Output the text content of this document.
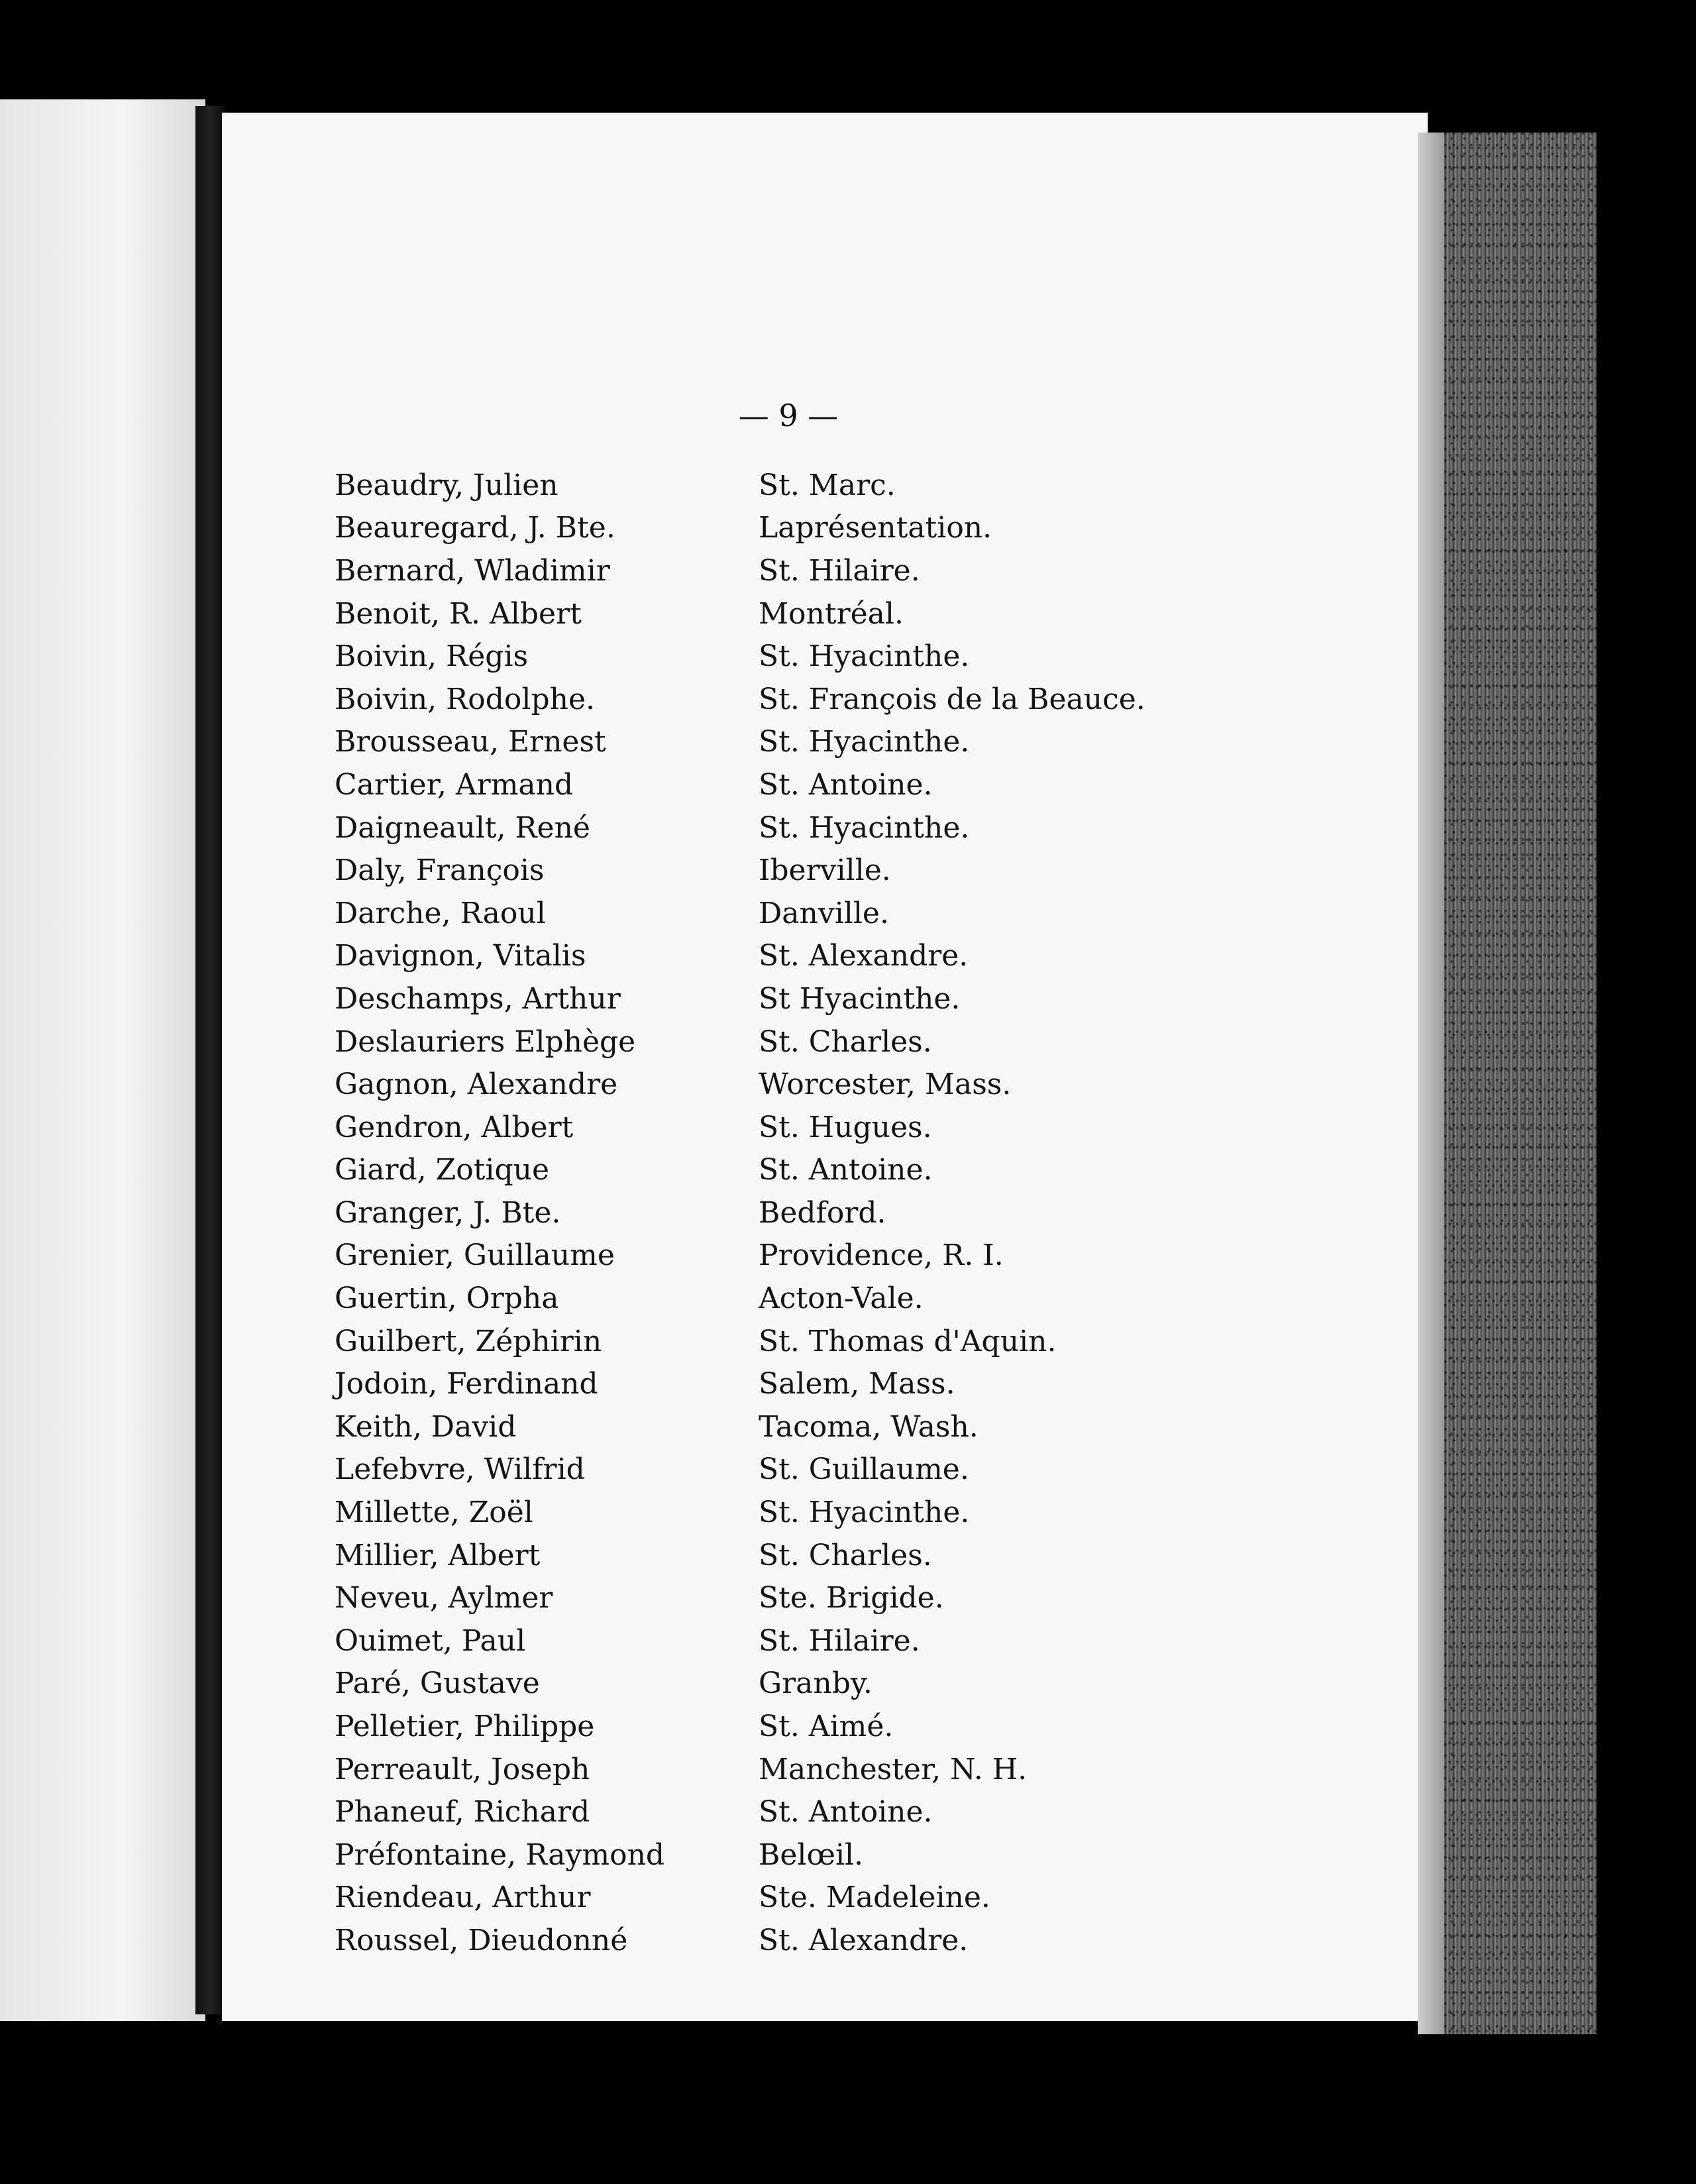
— 9 —
Beaudry, Julien	St. Marc.
Beauregard, J. Bte.	Laprésentation.
Bernard, Wladimir	St. Hilaire.
Benoit, R. Albert	Montréal.
Boivin, Régis	St. Hyacinthe.
Boivin, Rodolphe.	St. François de la Beauce.
Brousseau, Ernest	St. Hyacinthe.
Cartier, Armand	St. Antoine.
Daigneault, René	St. Hyacinthe.
Daly, François	Iberville.
Darche, Raoul	Danville.
Davignon, Vitalis	St. Alexandre.
Deschamps, Arthur	St Hyacinthe.
Deslauriers Elphège	St. Charles.
Gagnon, Alexandre	Worcester, Mass.
Gendron, Albert	St. Hugues.
Giard, Zotique	St. Antoine.
Granger, J. Bte.	Bedford.
Grenier, Guillaume	Providence, R. I.
Guertin, Orpha	Acton-Vale.
Guilbert, Zéphirin	St. Thomas d'Aquin.
Jodoin, Ferdinand	Salem, Mass.
Keith, David	Tacoma, Wash.
Lefebvre, Wilfrid	St. Guillaume.
Millette, Zoël	St. Hyacinthe.
Millier, Albert	St. Charles.
Neveu, Aylmer	Ste. Brigide.
Ouimet, Paul	St. Hilaire.
Paré, Gustave	Granby.
Pelletier, Philippe	St. Aimé.
Perreault, Joseph	Manchester, N. H.
Phaneuf, Richard	St. Antoine.
Préfontaine, Raymond	Belœil.
Riendeau, Arthur	Ste. Madeleine.
Roussel, Dieudonné	St. Alexandre.
